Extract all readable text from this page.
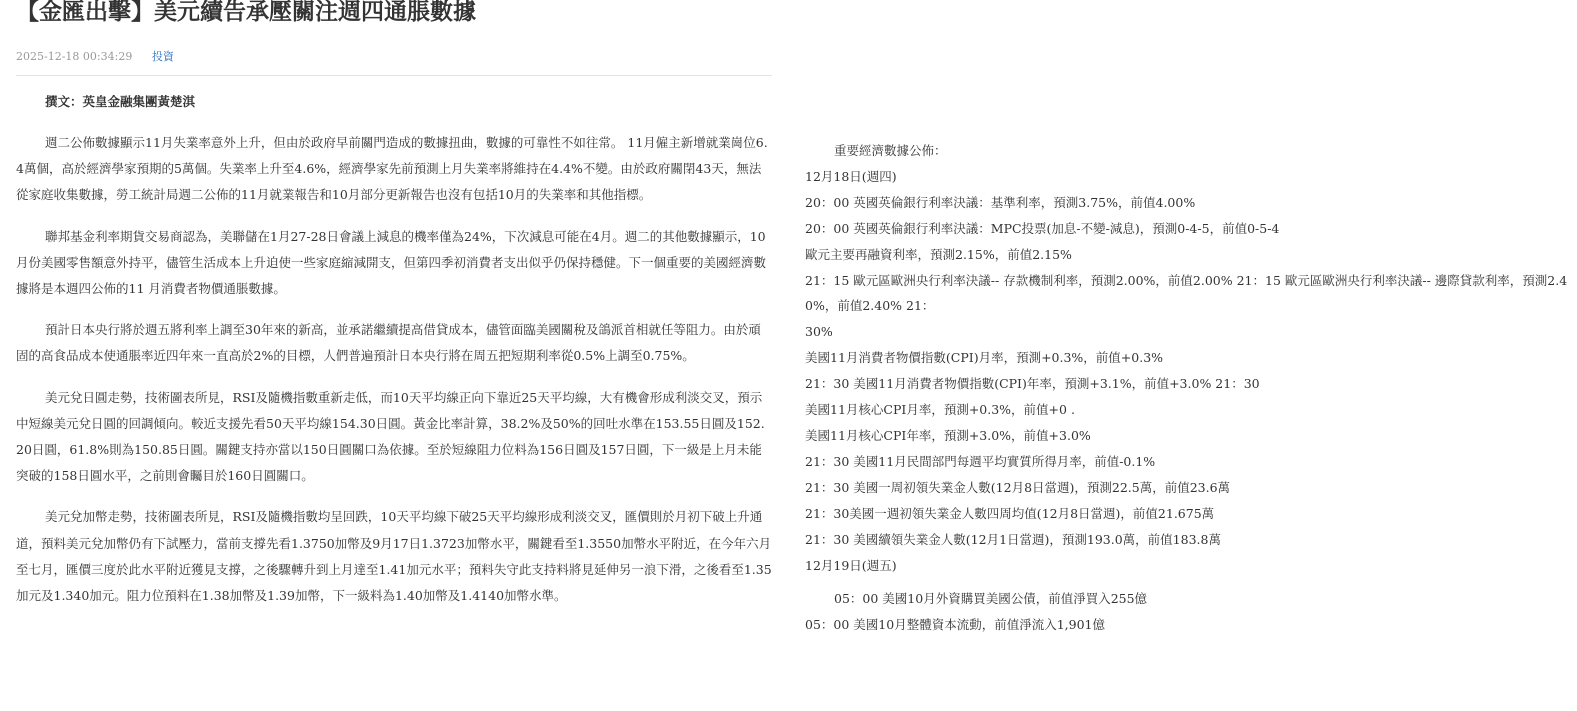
【金匯出擊】美元續告承壓關注週四通脹數據
2025-12-18 00:34:29 投資
撰文：英皇金融集團黃楚淇

週二公佈數據顯示11月失業率意外上升，但由於政府早前關門造成的數據扭曲，數據的可靠性不如往常。 11月僱主新增就業崗位6.4萬個，高於經濟學家預期的5萬個。失業率上升至4.6%，經濟學家先前預測上月失業率將維持在4.4%不變。由於政府關閉43天，無法從家庭收集數據，勞工統計局週二公佈的11月就業報告和10月部分更新報告也沒有包括10月的失業率和其他指標。

聯邦基金利率期貨交易商認為，美聯儲在1月27-28日會議上減息的機率僅為24%，下次減息可能在4月。週二的其他數據顯示，10月份美國零售額意外持平，儘管生活成本上升迫使一些家庭縮減開支，但第四季初消費者支出似乎仍保持穩健。下一個重要的美國經濟數據將是本週四公佈的11 月消費者物價通脹數據。

預計日本央行將於週五將利率上調至30年來的新高，並承諾繼續提高借貸成本，儘管面臨美國關稅及鴿派首相就任等阻力。由於頑固的高食品成本使通脹率近四年來一直高於2%的目標，人們普遍預計日本央行將在周五把短期利率從0.5%上調至0.75%。

美元兌日圓走勢，技術圖表所見，RSI及隨機指數重新走低，而10天平均線正向下靠近25天平均線，大有機會形成利淡交叉，預示中短線美元兌日圓的回調傾向。較近支援先看50天平均線154.30日圓。黃金比率計算，38.2%及50%的回吐水準在153.55日圓及152.20日圓，61.8%則為150.85日圓。關鍵支持亦當以150日圓關口為依據。至於短線阻力位料為156日圓及157日圓，下一級是上月未能突破的158日圓水平，之前則會矚目於160日圓關口。

美元兌加幣走勢，技術圖表所見，RSI及隨機指數均呈回跌，10天平均線下破25天平均線形成利淡交叉，匯價則於月初下破上升通道，預料美元兌加幣仍有下試壓力，當前支撐先看1.3750加幣及9月17日1.3723加幣水平，關鍵看至1.3550加幣水平附近，在今年六月至七月，匯價三度於此水平附近獲見支撐，之後驟轉升到上月達至1.41加元水平；預料失守此支持料將見延伸另一浪下滑，之後看至1.35加元及1.340加元。阻力位預料在1.38加幣及1.39加幣，下一級料為1.40加幣及1.4140加幣水準。

重要經濟數據公佈：

12月18日(週四)

20：00 英國英倫銀行利率決議：基準利率，預測3.75%，前值4.00%

20：00 英國英倫銀行利率決議：MPC投票(加息-不變-減息)，預測0-4-5，前值0-5-4

歐元主要再融資利率，預測2.15%，前值2.15%

21：15 歐元區歐洲央行利率決議-- 存款機制利率，預測2.00%，前值2.00% 21：15 歐元區歐洲央行利率決議-- 邊際貸款利率，預測2.40%，前值2.40% 21：

30%

美國11月消費者物價指數(CPI)月率，預測+0.3%，前值+0.3%

21：30 美國11月消費者物價指數(CPI)年率，預測+3.1%，前值+3.0% 21：30

美國11月核心CPI月率，預測+0.3%，前值+0 .

美國11月核心CPI年率，預測+3.0%，前值+3.0%

21：30 美國11月民間部門每週平均實質所得月率，前值-0.1%

21：30 美國一周初領失業金人數(12月8日當週)，預測22.5萬，前值23.6萬

21：30美國一週初領失業金人數四周均值(12月8日當週)，前值21.675萬

21：30 美國續領失業金人數(12月1日當週)，預測193.0萬，前值183.8萬

12月19日(週五)

05：00 美國10月外資購買美國公債，前值淨買入255億

05：00 美國10月整體資本流動，前值淨流入1,901億
